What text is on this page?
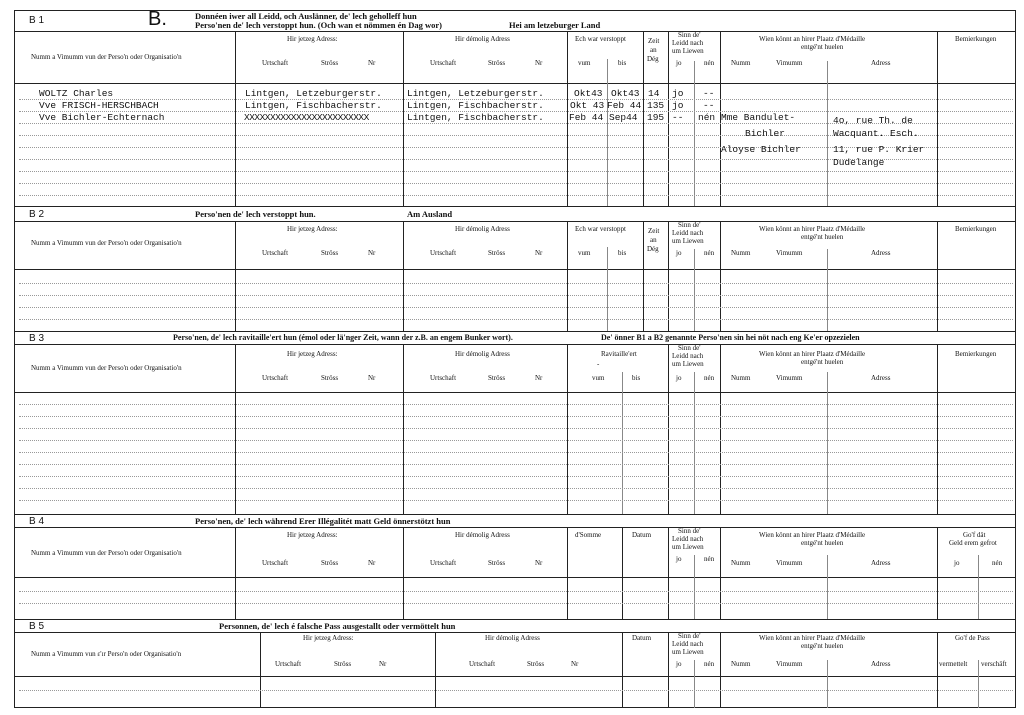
B 1	B.	Donnéen iwer all Leidd, och Auslänner, de' lech geholleff hun
Perso'nen de' lech verstoppt hun. (Och wan et nömmen én Dag wor)	Hei am letzeburger Land
Numm a Vimumm vun der Perso'n oder Organisatio'n
Hir jetzeg Adress:
Urtschaft	Ströss	Nr
Hir démolig Adress
Urtschaft	Ströss	Nr
Ech war verstoppt
vum	bis
Zeit
an
Dég
Sinn de'
Leidd nach
um Liewen
jo	nén
Wien könnt an hirer Plaatz d'Médaille
entgé'nt huelen
Numm	Vimumm	Adress
Bemierkungen
WOLTZ Charles	Lintgen, Letzeburgerstr.	Lintgen, Letzeburgerstr.	Okt43 Okt43 14 jo --
Vve FRISCH-HERSCHBACH	Lintgen, Fischbacherstr.	Lintgen, Fischbacherstr.	Okt 43 Feb 44 135 jo --
Vve Bichler-Echternach	XXXXXXXXXXXXXXXXXXXXXXXX	Lintgen, Fischbacherstr.	Feb 44 Sep44 195 -- nén Mme Bandulet-	4o, rue Th. de
Bichler	Wacquant. Esch.
Aloyse Bichler	11, rue P. Krier
Dudelange
B 2	Perso'nen de' lech verstoppt hun.	Am Ausland
Numm a Vimumm vun der Perso'n oder Organisatio'n
Hir jetzeg Adress:
Urtschaft	Ströss	Nr
Hir démolig Adress
Urtschaft	Ströss	Nr
Ech war verstoppt
vum	bis
Zeit
an
Dég
Sinn de'
Leidd nach
um Liewen
jo	nén
Wien könnt an hirer Plaatz d'Médaille
entgé'nt huelen
Numm	Vimumm	Adress
Bemierkungen
B 3	Perso'nen, de' lech ravitaille'ert hun (émol oder lä'nger Zeit, wann der z.B. an engem Bunker wort).	De' önner B1 a B2 genannte Perso'nen sin hei nöt nach eng Ke'er opzezielen
Numm a Vimumm vun der Perso'n oder Organisatio'n
Hir jetzeg Adress:
Urtschaft	Ströss	Nr
Hir démolig Adress
Urtschaft	Ströss	Nr
Ravitaille'ert
-
vum	bis
Sinn de'
Leidd nach
um Liewen
jo	nén
Wien könnt an hirer Plaatz d'Médaille
entgé'nt huelen
Numm	Vimumm	Adress
Bemierkungen
B 4	Perso'nen, de' lech während Erer Illégalitét matt Geld önnerstötzt hun
Numm a Vimumm vun der Perso'n oder Organisatio'n
Hir jetzeg Adress:
Urtschaft	Ströss	Nr
Hir démolig Adress
Urtschaft	Ströss	Nr
d'Somme	Datum	Sinn de'
Leidd nach
um Liewen
jo	nén
Wien könnt an hirer Plaatz d'Médaille
entgé'nt huelen
Numm	Vimumm	Adress
Go'f dät
Geld erem gefrot
jo	nén
B 5	Personnen, de' lech é falsche Pass ausgestallt oder vermöttelt hun
Numm a Vimumm vun ɛ'ɪr Perso'n oder Organisatio'n
Hir jetzeg Adress:
Urtschaft	Ströss	Nr
Hir démolig Adress
Urtschaft	Ströss	Nr
Datum	Sinn de'
Leidd nach
um Liewen
jo	nén
Wien könnt an hirer Plaatz d'Médaille
entgé'nt huelen
Numm	Vimumm	Adress
Go'f de Pass
vermettelt verschäft
